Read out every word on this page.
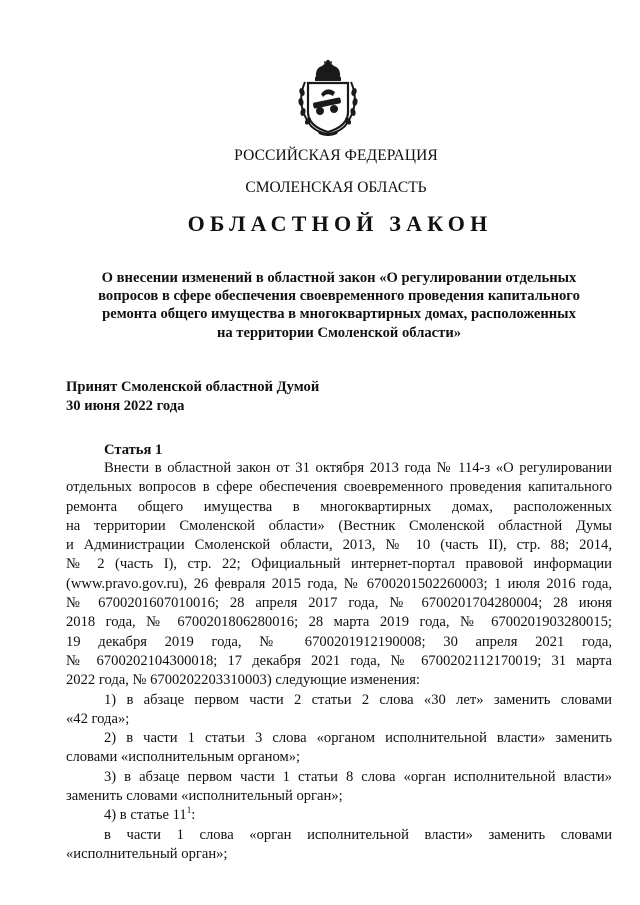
РОССИЙСКАЯ ФЕДЕРАЦИЯ
СМОЛЕНСКАЯ ОБЛАСТЬ
ОБЛАСТНОЙ ЗАКОН
О внесении изменений в областной закон «О регулировании отдельных
вопросов в сфере обеспечения своевременного проведения капитального
ремонта общего имущества в многоквартирных домах, расположенных
на территории Смоленской области»
Принят Смоленской областной Думой
30 июня 2022 года
Статья 1
Внести в областной закон от 31 октября 2013 года № 114-з «О регулировании
отдельных вопросов в сфере обеспечения своевременного проведения капитального
ремонта общего имущества в многоквартирных домах, расположенных
на территории Смоленской области» (Вестник Смоленской областной Думы
и Администрации Смоленской области, 2013, № 10 (часть II), стр. 88; 2014,
№ 2 (часть I), стр. 22; Официальный интернет-портал правовой информации
(www.pravo.gov.ru), 26 февраля 2015 года, № 6700201502260003; 1 июля 2016 года,
№ 6700201607010016; 28 апреля 2017 года, № 6700201704280004; 28 июня
2018 года, № 6700201806280016; 28 марта 2019 года, № 6700201903280015;
19 декабря 2019 года, № 6700201912190008; 30 апреля 2021 года,
№ 6700202104300018; 17 декабря 2021 года, № 6700202112170019; 31 марта
2022 года, № 6700202203310003) следующие изменения:
1) в абзаце первом части 2 статьи 2 слова «30 лет» заменить словами
«42 года»;
2) в части 1 статьи 3 слова «органом исполнительной власти» заменить
словами «исполнительным органом»;
3) в абзаце первом части 1 статьи 8 слова «орган исполнительной власти»
заменить словами «исполнительный орган»;
4) в статье $11^1$:
в части 1 слова «орган исполнительной власти» заменить словами
«исполнительный орган»;
